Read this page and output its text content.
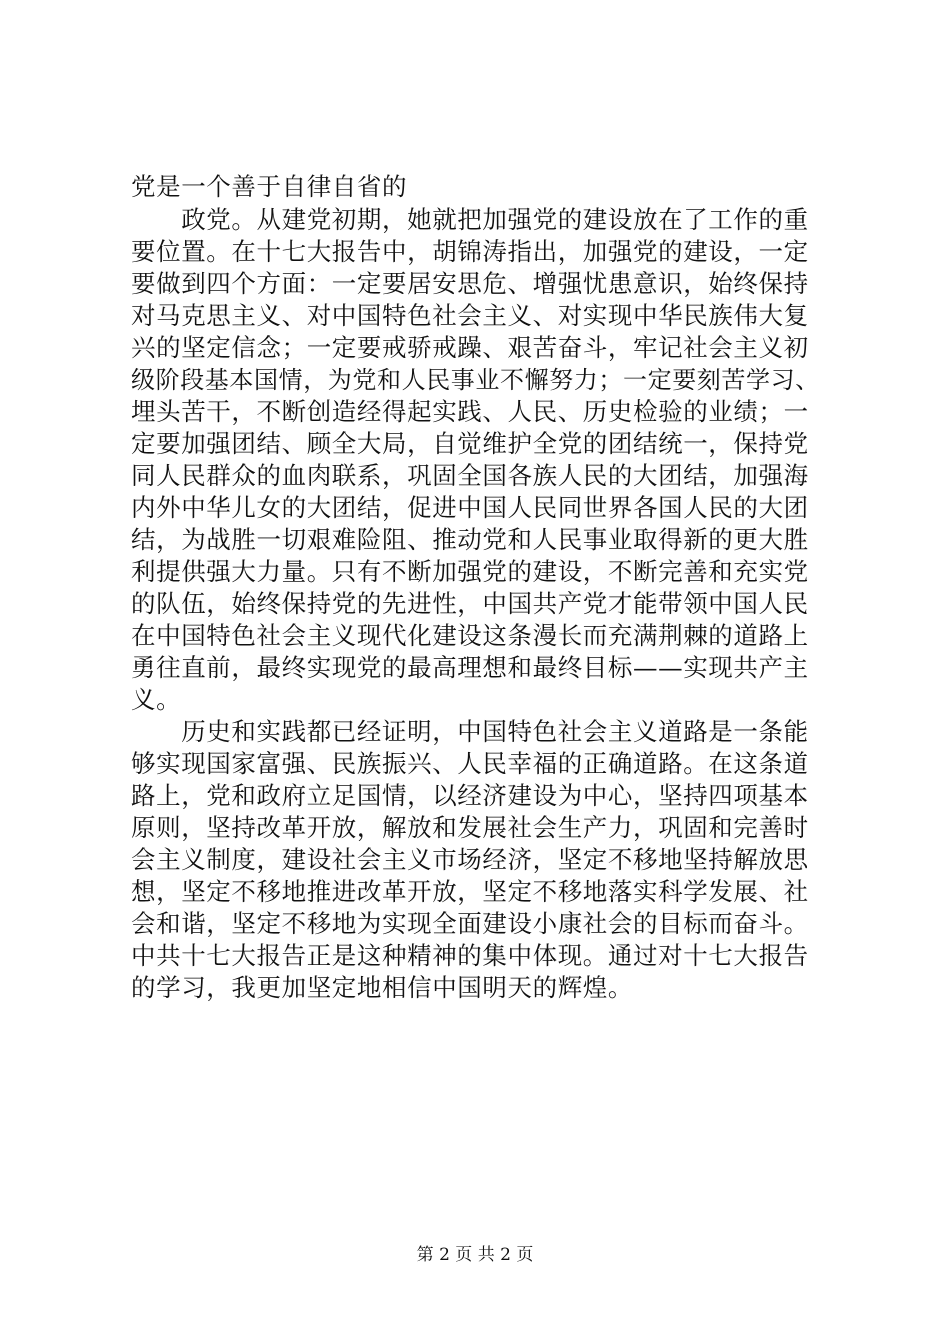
党是一个善于自律自省的
　　政党。从建党初期，她就把加强党的建设放在了工作的重
要位置。在十七大报告中，胡锦涛指出，加强党的建设，一定
要做到四个方面：一定要居安思危、增强忧患意识，始终保持
对马克思主义、对中国特色社会主义、对实现中华民族伟大复
兴的坚定信念；一定要戒骄戒躁、艰苦奋斗，牢记社会主义初
级阶段基本国情，为党和人民事业不懈努力；一定要刻苦学习、
埋头苦干，不断创造经得起实践、人民、历史检验的业绩；一
定要加强团结、顾全大局，自觉维护全党的团结统一，保持党
同人民群众的血肉联系，巩固全国各族人民的大团结，加强海
内外中华儿女的大团结，促进中国人民同世界各国人民的大团
结，为战胜一切艰难险阻、推动党和人民事业取得新的更大胜
利提供强大力量。只有不断加强党的建设，不断完善和充实党
的队伍，始终保持党的先进性，中国共产党才能带领中国人民
在中国特色社会主义现代化建设这条漫长而充满荆棘的道路上
勇往直前，最终实现党的最高理想和最终目标——实现共产主
义。
　　历史和实践都已经证明，中国特色社会主义道路是一条能
够实现国家富强、民族振兴、人民幸福的正确道路。在这条道
路上，党和政府立足国情，以经济建设为中心，坚持四项基本
原则，坚持改革开放，解放和发展社会生产力，巩固和完善时
会主义制度，建设社会主义市场经济，坚定不移地坚持解放思
想，坚定不移地推进改革开放，坚定不移地落实科学发展、社
会和谐，坚定不移地为实现全面建设小康社会的目标而奋斗。
中共十七大报告正是这种精神的集中体现。通过对十七大报告
的学习，我更加坚定地相信中国明天的辉煌。
第 2 页 共 2 页
